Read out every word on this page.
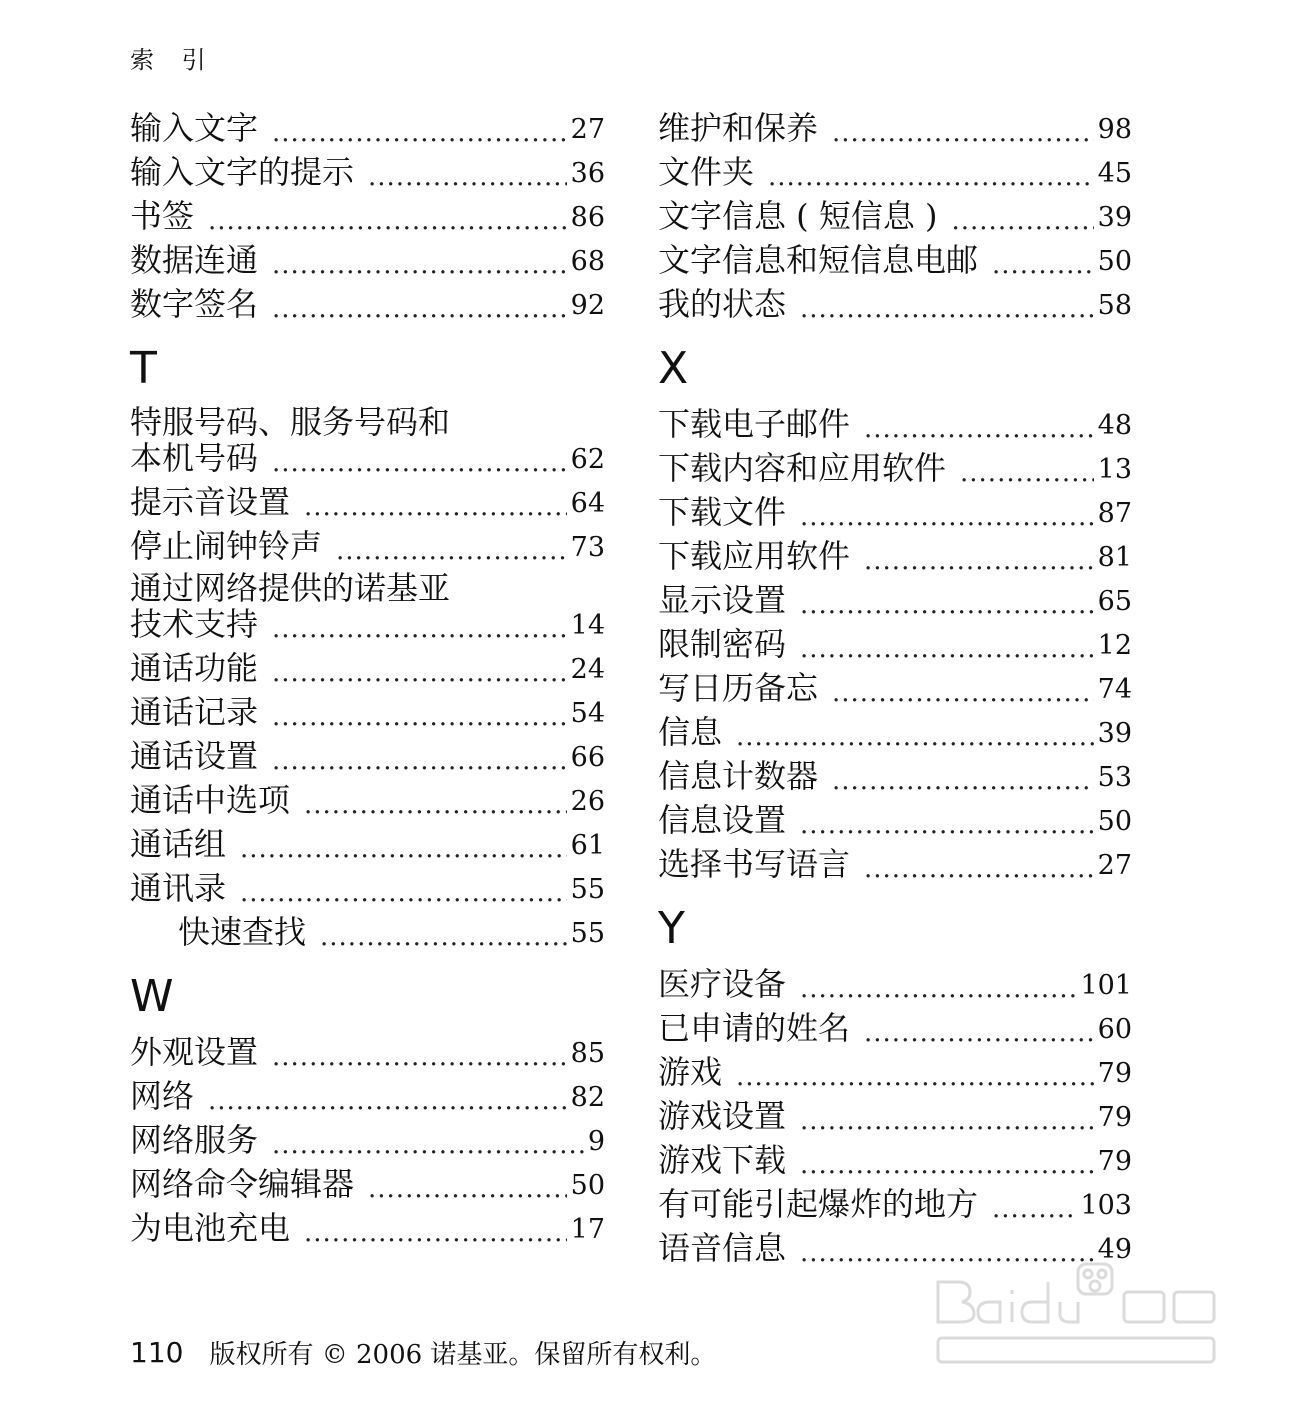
索 引
输入文字 .....	27
输入文字的提示 .....	36
书签 .....	86
数据连通 .....	68
数字签名 .....	92
T
特服号码、服务号码和
本机号码 .....	62
提示音设置 .....	64
停止闹钟铃声 .....	73
通过网络提供的诺基亚
技术支持 .....	14
通话功能 .....	24
通话记录 .....	54
通话设置 .....	66
通话中选项 .....	26
通话组 .....	61
通讯录 .....	55
快速查找 .....	55
W
外观设置 .....	85
网络 .....	82
网络服务 .....	9
网络命令编辑器 .....	50
为电池充电 .....	17
维护和保养 .....	98
文件夹 .....	45
文字信息 ( 短信息 ) .....	39
文字信息和短信息电邮 .....	50
我的状态 .....	58
X
下载电子邮件 .....	48
下载内容和应用软件 .....	13
下载文件 .....	87
下载应用软件 .....	81
显示设置 .....	65
限制密码 .....	12
写日历备忘 .....	74
信息 .....	39
信息计数器 .....	53
信息设置 .....	50
选择书写语言 .....	27
Y
医疗设备 .....	101
已申请的姓名 .....	60
游戏 .....	79
游戏设置 .....	79
游戏下载 .....	79
有可能引起爆炸的地方 .....	103
语音信息 .....	49
110 版权所有 © 2006 诺基亚。保留所有权利。
